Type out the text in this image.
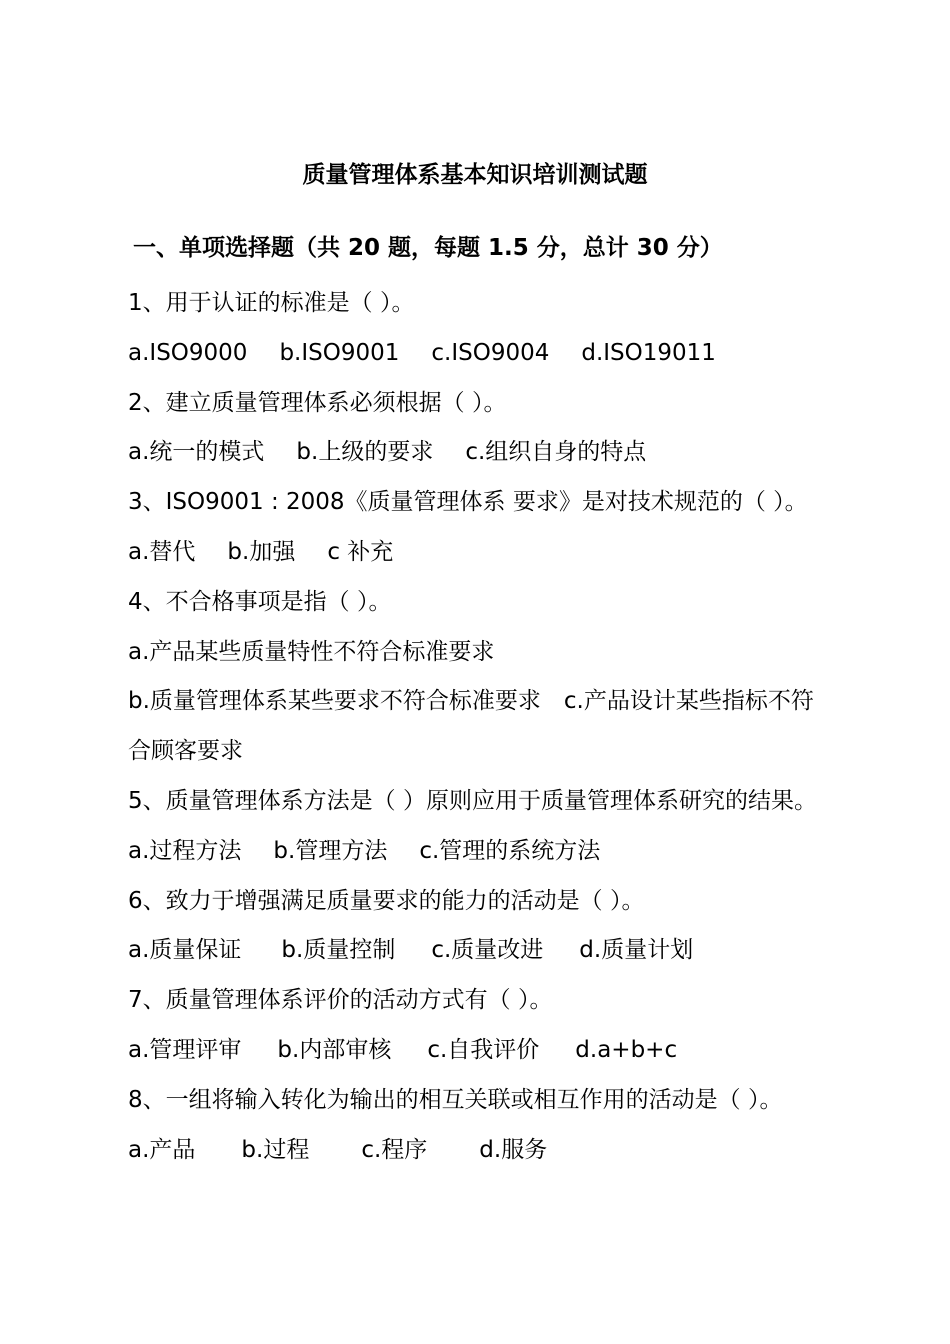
质量管理体系基本知识培训测试题
一、单项选择题（共 20 题，每题 1.5 分，总计 30 分）
1、用于认证的标准是（ ）。
a.ISO9000 b.ISO9001 c.ISO9004 d.ISO19011
2、建立质量管理体系必须根据（ ）。
a.统一的模式 b.上级的要求 c.组织自身的特点
3、ISO9001 : 2008《质量管理体系 要求》是对技术规范的（ ）。
a.替代 b.加强 c 补充
4、不合格事项是指（ ）。
a.产品某些质量特性不符合标准要求
b.质量管理体系某些要求不符合标准要求　c.产品设计某些指标不符合顾客要求
5、质量管理体系方法是（ ）原则应用于质量管理体系研究的结果。
a.过程方法 b.管理方法 c.管理的系统方法
6、致力于增强满足质量要求的能力的活动是（ ）。
a.质量保证 b.质量控制 c.质量改进 d.质量计划
7、质量管理体系评价的活动方式有（ ）。
a.管理评审 b.内部审核 c.自我评价 d.a+b+c
8、一组将输入转化为输出的相互关联或相互作用的活动是（ ）。
a.产品 b.过程 c.程序 d.服务
